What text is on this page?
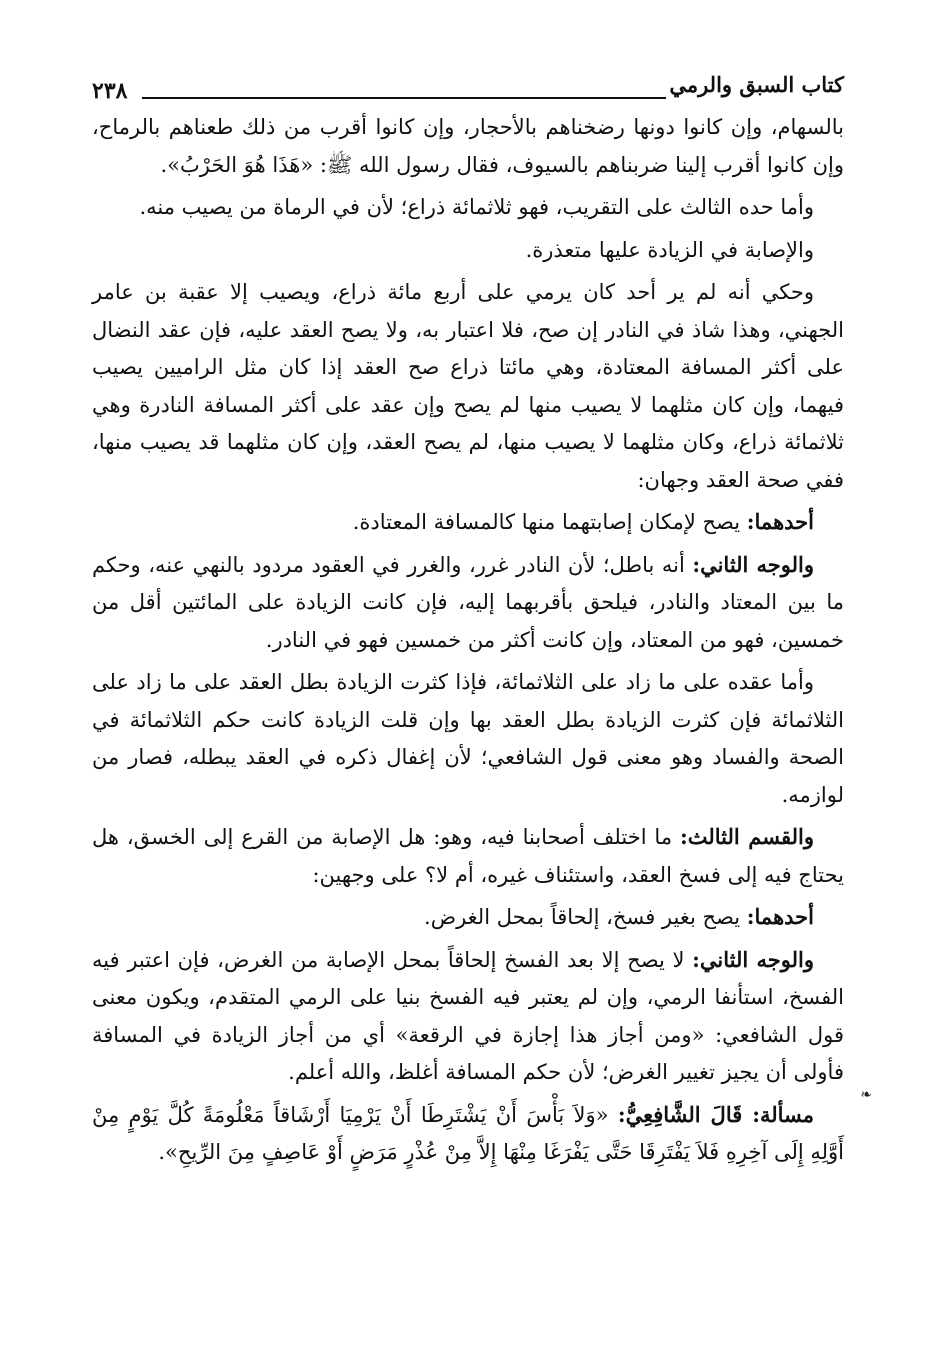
كتاب السبق والرمي
٢٣٨

بالسهام، وإن كانوا دونها رضخناهم بالأحجار، وإن كانوا أقرب من ذلك طعناهم بالرماح، وإن كانوا أقرب إلينا ضربناهم بالسيوف، فقال رسول الله ﷺ: «هَذَا هُوَ الحَرْبُ».

وأما حده الثالث على التقريب، فهو ثلاثمائة ذراع؛ لأن في الرماة من يصيب منه.

والإصابة في الزيادة عليها متعذرة.

وحكي أنه لم ير أحد كان يرمي على أربع مائة ذراع، ويصيب إلا عقبة بن عامر الجهني، وهذا شاذ في النادر إن صح، فلا اعتبار به، ولا يصح العقد عليه، فإن عقد النضال على أكثر المسافة المعتادة، وهي مائتا ذراع صح العقد إذا كان مثل الراميين يصيب فيهما، وإن كان مثلهما لا يصيب منها لم يصح وإن عقد على أكثر المسافة النادرة وهي ثلاثمائة ذراع، وكان مثلهما لا يصيب منها، لم يصح العقد، وإن كان مثلهما قد يصيب منها، ففي صحة العقد وجهان:

أحدهما: يصح لإمكان إصابتهما منها كالمسافة المعتادة.

والوجه الثاني: أنه باطل؛ لأن النادر غرر، والغرر في العقود مردود بالنهي عنه، وحكم ما بين المعتاد والنادر، فيلحق بأقربهما إليه، فإن كانت الزيادة على المائتين أقل من خمسين، فهو من المعتاد، وإن كانت أكثر من خمسين فهو في النادر.

وأما عقده على ما زاد على الثلاثمائة، فإذا كثرت الزيادة بطل العقد على ما زاد على الثلاثمائة فإن كثرت الزيادة بطل العقد بها وإن قلت الزيادة كانت حكم الثلاثمائة في الصحة والفساد وهو معنى قول الشافعي؛ لأن إغفال ذكره في العقد يبطله، فصار من لوازمه.

والقسم الثالث: ما اختلف أصحابنا فيه، وهو: هل الإصابة من القرع إلى الخسق، هل يحتاج فيه إلى فسخ العقد، واستئناف غيره، أم لا؟ على وجهين:

أحدهما: يصح بغير فسخ، إلحاقاً بمحل الغرض.

والوجه الثاني: لا يصح إلا بعد الفسخ إلحاقاً بمحل الإصابة من الغرض، فإن اعتبر فيه الفسخ، استأنفا الرمي، وإن لم يعتبر فيه الفسخ بنيا على الرمي المتقدم، ويكون معنى قول الشافعي: «ومن أجاز هذا إجازة في الرقعة» أي من أجاز الزيادة في المسافة فأولى أن يجيز تغيير الغرض؛ لأن حكم المسافة أغلظ، والله أعلم.

مسألة: قَالَ الشَّافِعِيُّ: «وَلاَ بَأْسَ أَنْ يَشْتَرِطَا أَنْ يَرْمِيَا أَرْشَاقاً مَعْلُومَةً كُلَّ يَوْمٍ مِنْ أَوَّلِهِ إِلَى آخِرِهِ فَلاَ يَفْتَرِقَا حَتَّى يَفْرَغَا مِنْهَا إِلاَّ مِنْ عُذْرٍ مَرَضٍ أَوْ عَاصِفٍ مِنَ الرِّيحِ».

❧
